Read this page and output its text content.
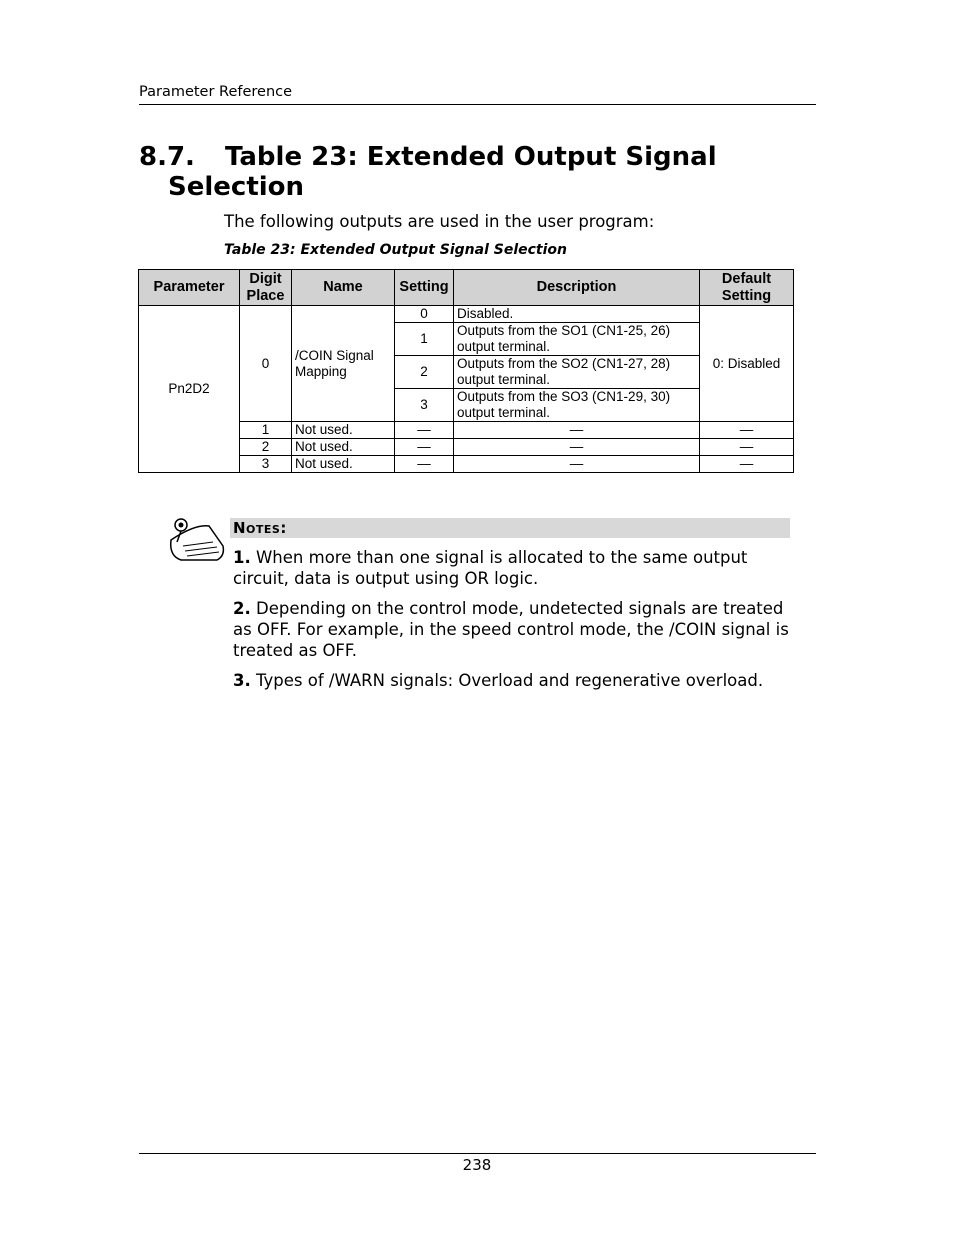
Parameter Reference
8.7. Table 23: Extended Output Signal
Selection
The following outputs are used in the user program:
Table 23: Extended Output Signal Selection
Parameter	Digit Place	Name	Setting	Description	Default Setting
Pn2D2	0	/COIN Signal Mapping	0	Disabled.	0: Disabled
			1	Outputs from the SO1 (CN1-25, 26) output terminal.	
			2	Outputs from the SO2 (CN1-27, 28) output terminal.	
			3	Outputs from the SO3 (CN1-29, 30) output terminal.	

	1	Not used.	—	—	—
	2	Not used.	—	—	—
	3	Not used.	—	—	—
Notes:
1. When more than one signal is allocated to the same output circuit, data is output using OR logic.
2. Depending on the control mode, undetected signals are treated as OFF. For example, in the speed control mode, the /COIN signal is treated as OFF.
3. Types of /WARN signals: Overload and regenerative overload.
238
